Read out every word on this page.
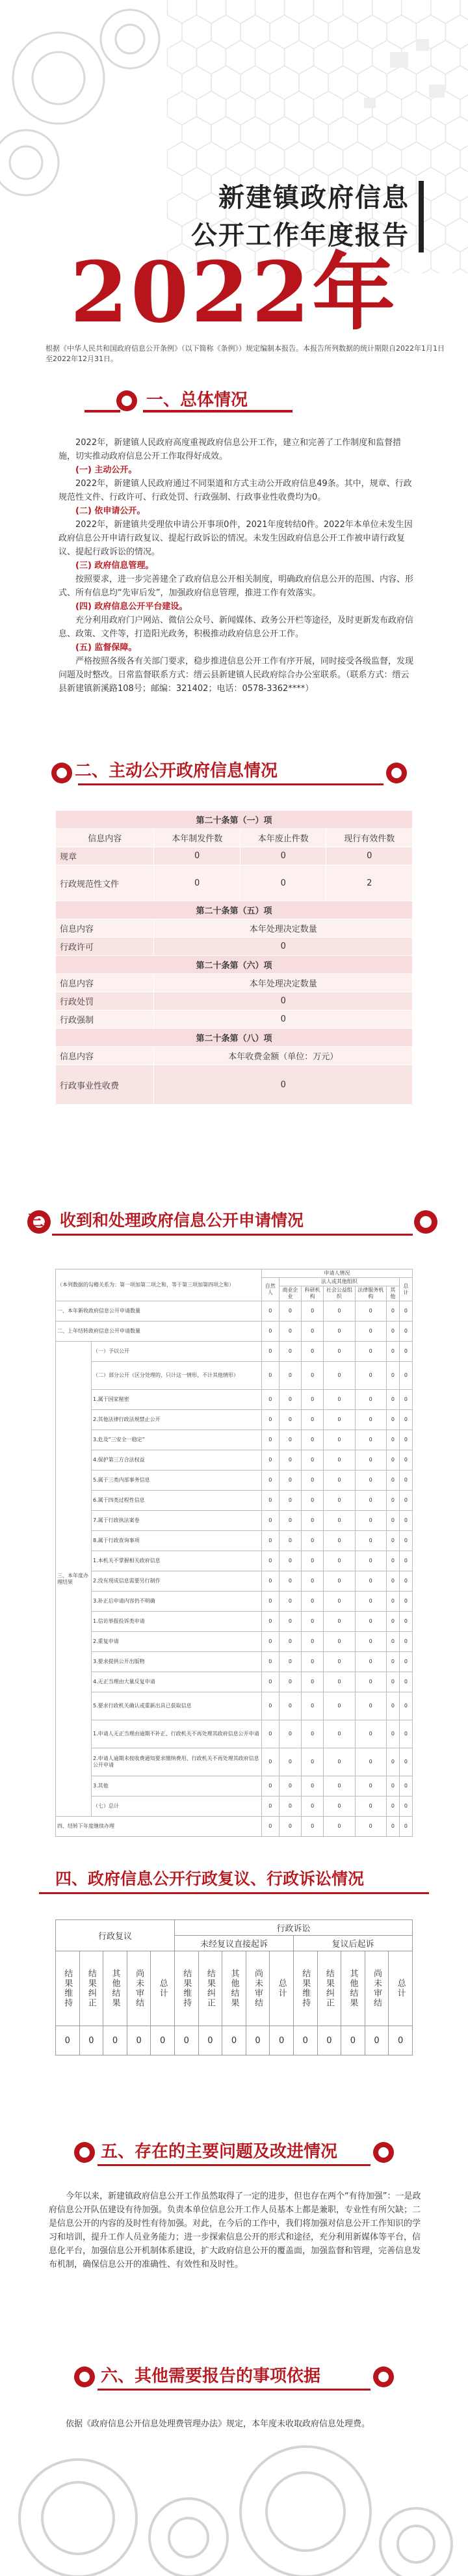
新建镇政府信息
公开工作年度报告
2022年
根据《中华人民共和国政府信息公开条例》（以下简称《条例》）规定编制本报告。本报告所列数据的统计期限自2022年1月1日至2022年12月31日。
一、总体情况

2022年，新建镇人民政府高度重视政府信息公开工作，建立和完善了工作制度和监督措施，切实推动政府信息公开工作取得好成效。

(一) 主动公开。

2022年，新建镇人民政府通过不同渠道和方式主动公开政府信息49条。其中，规章、行政规范性文件、行政许可、行政处罚、行政强制、行政事业性收费均为0。

(二) 依申请公开。

2022年，新建镇共受理依申请公开事项0件，2021年度转结0件。2022年本单位未发生因政府信息公开申请行政复议、提起行政诉讼的情况。未发生因政府信息公开工作被申请行政复议、提起行政诉讼的情况。

(三) 政府信息管理。

按照要求，进一步完善建全了政府信息公开相关制度，明确政府信息公开的范围、内容、形式、所有信息均“先审后发”，加强政府信息管理，推进工作有效落实。

(四) 政府信息公开平台建设。

充分利用政府门户网站、微信公众号、新闻媒体、政务公开栏等途径，及时更新发布政府信息、政策、文件等，打造阳光政务，积极推动政府信息公开工作。

(五) 监督保障。

严格按照各级各有关部门要求，稳步推进信息公开工作有序开展，同时接受各级监督，发现问题及时整改。日常监督联系方式：缙云县新建镇人民政府综合办公室联系。（联系方式：缙云县新建镇新溪路108号；邮编：321402；电话：0578-3362****）

二、主动公开政府信息情况
第二十条第（一）项			
信息内容	本年制发件数	本年废止件数	现行有效件数
规章	0	0	0
行政规范性文件	0	0	2
第二十条第（五）项			
信息内容	本年处理决定数量		
行政许可	0		
第二十条第（六）项			
信息内容	本年处理决定数量		
行政处罚	0		
行政强制	0		
第二十条第（八）项			
信息内容	本年收费金额（单位：万元）		
行政事业性收费	0		
三、收到和处理政府信息公开申请情况
（本列数据的勾稽关系为：第一项加第二项之和，等于第三项加第四项之和）		申请人情况						
		自然人	法人或其他组织					总计
			商业企业	科研机构	社会公益组织	法律服务机构	其他	
一、本年新收政府信息公开申请数量		0	0	0	0	0	0	0
二、上年结转政府信息公开申请数量		0	0	0	0	0	0	0
三、本年度办理结果	（一）予以公开	0	0	0	0	0	0	0
	（二）部分公开（区分处理的，只计这一情形，不计其他情形）	0	0	0	0	0	0	0
	1.属于国家秘密	0	0	0	0	0	0	0
	2.其他法律行政法规禁止公开	0	0	0	0	0	0	0
	3.危及“三安全一稳定”	0	0	0	0	0	0	0
	4.保护第三方合法权益	0	0	0	0	0	0	0
	5.属于三类内部事务信息	0	0	0	0	0	0	0
	6.属于四类过程性信息	0	0	0	0	0	0	0
	7.属于行政执法案卷	0	0	0	0	0	0	0
	8.属于行政查询事项	0	0	0	0	0	0	0
	1.本机关不掌握相关政府信息	0	0	0	0	0	0	0
	2.没有现成信息需要另行制作	0	0	0	0	0	0	0
	3.补正后申请内容仍不明确	0	0	0	0	0	0	0
	1.信访举报投诉类申请	0	0	0	0	0	0	0
	2.重复申请	0	0	0	0	0	0	0
	3.要求提供公开出版物	0	0	0	0	0	0	0
	4.无正当理由大量反复申请	0	0	0	0	0	0	0
	5.要求行政机关确认或重新出具已获取信息	0	0	0	0	0	0	0
	1.申请人无正当理由逾期不补正、行政机关不再处理其政府信息公开申请	0	0	0	0	0	0	0
	2.申请人逾期未按收费通知要求缴纳费用、行政机关不再处理其政府信息公开申请	0	0	0	0	0	0	0
	3.其他	0	0	0	0	0	0	0
	（七）总计	0	0	0	0	0	0	0
四、结转下年度继续办理		0	0	0	0	0	0	0
四、政府信息公开行政复议、行政诉讼情况
行政复议					行政诉讼									
					未经复议直接起诉					复议后起诉				
结果维持	结果纠正	其他结果	尚未审结	总计	结果维持	结果纠正	其他结果	尚未审结	总计	结果维持	结果纠正	其他结果	尚未审结	总计
0	0	0	0	0	0	0	0	0	0	0	0	0	0	0
五、存在的主要问题及改进情况

今年以来，新建镇政府信息公开工作虽然取得了一定的进步，但也存在两个“有待加强”：一是政府信息公开队伍建设有待加强。负责本单位信息公开工作人员基本上都是兼职，专业性有所欠缺；二是信息公开的内容的及时性有待加强。对此，在今后的工作中，我们将加强对信息公开工作知识的学习和培训，提升工作人员业务能力；进一步探索信息公开的形式和途径，充分利用新媒体等平台，信息化平台，加强信息公开机制体系建设，扩大政府信息公开的覆盖面，加强监督和管理，完善信息发布机制，确保信息公开的准确性、有效性和及时性。

六、其他需要报告的事项依据

依据《政府信息公开信息处理费管理办法》规定，本年度未收取政府信息处理费。
